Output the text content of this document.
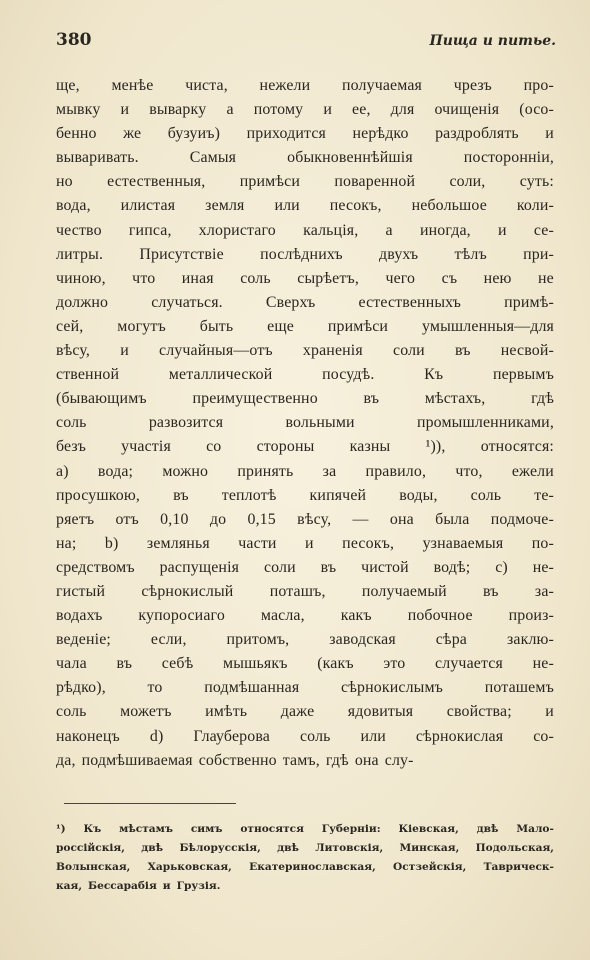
380	Пища и питье.
ще, менѣе чиста, нежели получаемая чрезъ про-
мывку и вываркy а потому и ее, для очищенія (осо-
бенно же бузуиъ) приходится нерѣдко раздроблять и
вываривать.	Самыя	обыкновеннѣйшія	посторонніи,
но естественныя, примѣси поваренной соли, суть:
вода, илистая земля или песокъ, небольшое коли-
чество гипса, хлористаго кальція, а иногда, и се-
литры. Присутствіе послѣднихъ двухъ тѣлъ при-
чиною, что иная соль сырѣетъ, чего съ нею не
должно	случаться.	Сверхъ	естественныхъ	примѣ-
сей, могутъ быть еще примѣси умышленныя—для
вѣсу, и случайныя—отъ храненія соли въ несвой-
ственной	металлической	посудѣ.	Къ	первымъ
(бывающимъ	преимущественно	въ	мѣстахъ,	гдѣ
соль	развозится	вольными	промышленниками,
безъ участія со стороны казны ¹)), относятся:
а) вода; можно принять за правило, что, ежели
просушкою, въ теплотѣ кипячей воды, соль те-
ряетъ отъ 0,10 до 0,15 вѣсу, — она была подмоче-
на; b) землянья части и песокъ, узнаваемыя по-
средствомъ распущенія соли въ чистой водѣ; с) не-
гистый сѣрнокислый поташъ, получаемый въ за-
водахъ купоросиаго масла, какъ побочное произ-
веденіе;	если,	притомъ,	заводская	сѣра	заклю-
чала въ себѣ мышьякъ (какъ это случается не-
рѣдко),	то	подмѣшанная	сѣрнокислымъ	поташемъ
соль можетъ имѣть даже ядовитыя свойства; и
наконецъ d) Глауберова соль или сѣрнокислая со-
да, подмѣшиваемая собственно тамъ, гдѣ она слу-
¹) Къ мѣстамъ симъ относятся Губерніи: Кіевская, двѣ Мало-
россійскія, двѣ Бѣлорусскія, двѣ Литовскія, Минская, Подольская,
Волынская, Харьковская, Екатеринославская, Остзейскія, Таврическ-
кая, Бессарабія и Грузія.
